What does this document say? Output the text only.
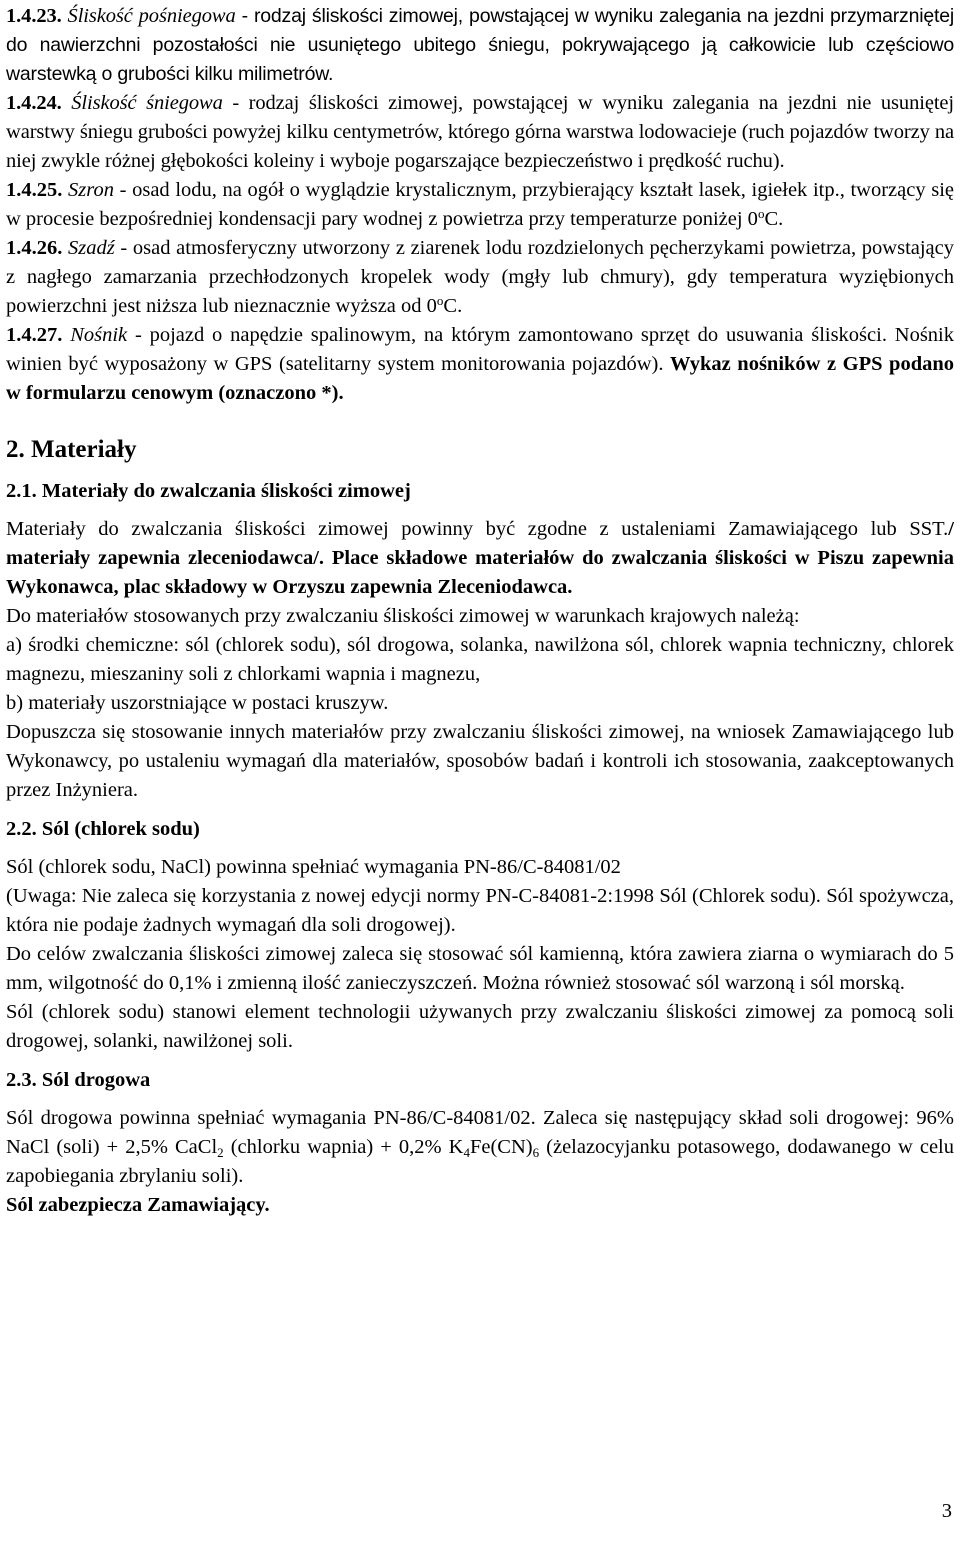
1.4.23. Śliskość pośniegowa - rodzaj śliskości zimowej, powstającej w wyniku zalegania na jezdni przymarzniętej do nawierzchni pozostałości nie usuniętego ubitego śniegu, pokrywającego ją całkowicie lub częściowo warstewką o grubości kilku milimetrów.

1.4.24. Śliskość śniegowa - rodzaj śliskości zimowej, powstającej w wyniku zalegania na jezdni nie usuniętej warstwy śniegu grubości powyżej kilku centymetrów, którego górna warstwa lodowacieje (ruch pojazdów tworzy na niej zwykle różnej głębokości koleiny i wyboje pogarszające bezpieczeństwo i prędkość ruchu).

1.4.25. Szron - osad lodu, na ogół o wyglądzie krystalicznym, przybierający kształt lasek, igiełek itp., tworzący się w procesie bezpośredniej kondensacji pary wodnej z powietrza przy temperaturze poniżej 0$^o$C.

1.4.26. Szadź - osad atmosferyczny utworzony z ziarenek lodu rozdzielonych pęcherzykami powietrza, powstający z nagłego zamarzania przechłodzonych kropelek wody (mgły lub chmury), gdy temperatura wyziębionych powierzchni jest niższa lub nieznacznie wyższa od 0$^o$C.

1.4.27. Nośnik - pojazd o napędzie spalinowym, na którym zamontowano sprzęt do usuwania śliskości. Nośnik winien być wyposażony w GPS (satelitarny system monitorowania pojazdów). Wykaz nośników z GPS podano w formularzu cenowym (oznaczono *).

2. Materiały
2.1. Materiały do zwalczania śliskości zimowej

Materiały do zwalczania śliskości zimowej powinny być zgodne z ustaleniami Zamawiającego lub SST./ materiały zapewnia zleceniodawca/. Place składowe materiałów do zwalczania śliskości w Piszu zapewnia Wykonawca, plac składowy w Orzyszu zapewnia Zleceniodawca.

Do materiałów stosowanych przy zwalczaniu śliskości zimowej w warunkach krajowych należą:

a) środki chemiczne: sól (chlorek sodu), sól drogowa, solanka, nawilżona sól, chlorek wapnia techniczny, chlorek magnezu, mieszaniny soli z chlorkami wapnia i magnezu,

b) materiały uszorstniające w postaci kruszyw.

Dopuszcza się stosowanie innych materiałów przy zwalczaniu śliskości zimowej, na wniosek Zamawiającego lub Wykonawcy, po ustaleniu wymagań dla materiałów, sposobów badań i kontroli ich stosowania, zaakceptowanych przez Inżyniera.

2.2. Sól (chlorek sodu)

Sól (chlorek sodu, NaCl) powinna spełniać wymagania PN-86/C-84081/02

(Uwaga: Nie zaleca się korzystania z nowej edycji normy PN-C-84081-2:1998 Sól (Chlorek sodu). Sól spożywcza, która nie podaje żadnych wymagań dla soli drogowej).

Do celów zwalczania śliskości zimowej zaleca się stosować sól kamienną, która zawiera ziarna o wymiarach do 5 mm, wilgotność do 0,1% i zmienną ilość zanieczyszczeń. Można również stosować sól warzoną i sól morską.

Sól (chlorek sodu) stanowi element technologii używanych przy zwalczaniu śliskości zimowej za pomocą soli drogowej, solanki, nawilżonej soli.

2.3. Sól drogowa

Sól drogowa powinna spełniać wymagania PN-86/C-84081/02. Zaleca się następujący skład soli drogowej: 96% NaCl (soli) + 2,5% CaCl$_2$ (chlorku wapnia) + 0,2% $K_4Fe(CN)_6$ (żelazocyjanku potasowego, dodawanego w celu zapobiegania zbrylaniu soli).

Sól zabezpiecza Zamawiający.

3
